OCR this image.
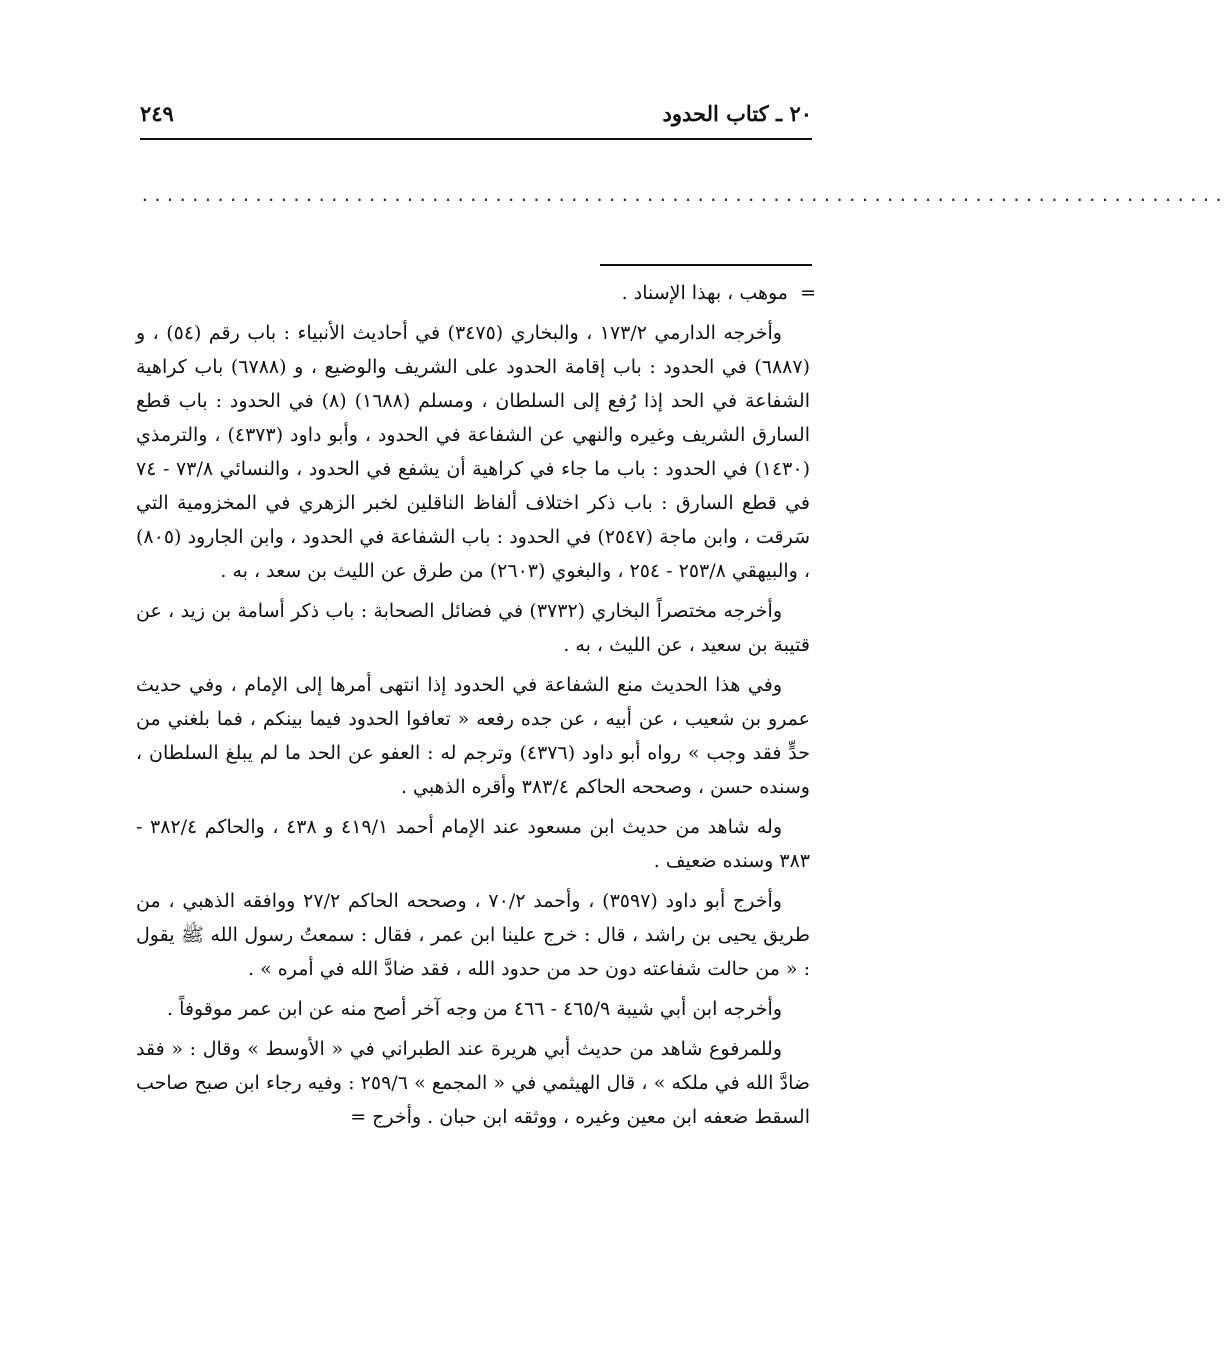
٢٠ ـ كتاب الحدود
٢٤٩
......................................................................................

=
موهب ، بهذا الإسناد .

وأخرجه الدارمي ١٧٣/٢ ، والبخاري (٣٤٧٥) في أحاديث الأنبياء : باب رقم (٥٤) ، و (٦٨٨٧) في الحدود : باب إقامة الحدود على الشريف والوضيع ، و (٦٧٨٨) باب كراهية الشفاعة في الحد إذا رُفع إلى السلطان ، ومسلم (١٦٨٨) (٨) في الحدود : باب قطع السارق الشريف وغيره والنهي عن الشفاعة في الحدود ، وأبو داود (٤٣٧٣) ، والترمذي (١٤٣٠) في الحدود : باب ما جاء في كراهية أن يشفع في الحدود ، والنسائي ٧٣/٨ - ٧٤ في قطع السارق : باب ذكر اختلاف ألفاظ الناقلين لخبر الزهري في المخزومية التي سَرقت ، وابن ماجة (٢٥٤٧) في الحدود : باب الشفاعة في الحدود ، وابن الجارود (٨٠٥) ، والبيهقي ٢٥٣/٨ - ٢٥٤ ، والبغوي (٢٦٠٣) من طرق عن الليث بن سعد ، به .

وأخرجه مختصراً البخاري (٣٧٣٢) في فضائل الصحابة : باب ذكر أسامة بن زيد ، عن قتيبة بن سعيد ، عن الليث ، به .

وفي هذا الحديث منع الشفاعة في الحدود إذا انتهى أمرها إلى الإمام ، وفي حديث عمرو بن شعيب ، عن أبيه ، عن جده رفعه « تعافوا الحدود فيما بينكم ، فما بلغني من حدٍّ فقد وجب » رواه أبو داود (٤٣٧٦) وترجم له : العفو عن الحد ما لم يبلغ السلطان ، وسنده حسن ، وصححه الحاكم ٣٨٣/٤ وأقره الذهبي .

وله شاهد من حديث ابن مسعود عند الإمام أحمد ٤١٩/١ و ٤٣٨ ، والحاكم ٣٨٢/٤ - ٣٨٣ وسنده ضعيف .

وأخرج أبو داود (٣٥٩٧) ، وأحمد ٧٠/٢ ، وصححه الحاكم ٢٧/٢ ووافقه الذهبي ، من طريق يحيى بن راشد ، قال : خرج علينا ابن عمر ، فقال : سمعتُ رسول الله ﷺ يقول : « من حالت شفاعته دون حد من حدود الله ، فقد ضادَّ الله في أمره » .

وأخرجه ابن أبي شيبة ٤٦٥/٩ - ٤٦٦ من وجه آخر أصح منه عن ابن عمر موقوفاً .

وللمرفوع شاهد من حديث أبي هريرة عند الطبراني في « الأوسط » وقال : « فقد ضادَّ الله في ملكه » ، قال الهيثمي في « المجمع » ٢٥٩/٦ : وفيه رجاء ابن صبح صاحب السقط ضعفه ابن معين وغيره ، ووثقه ابن حبان . وأخرج =
